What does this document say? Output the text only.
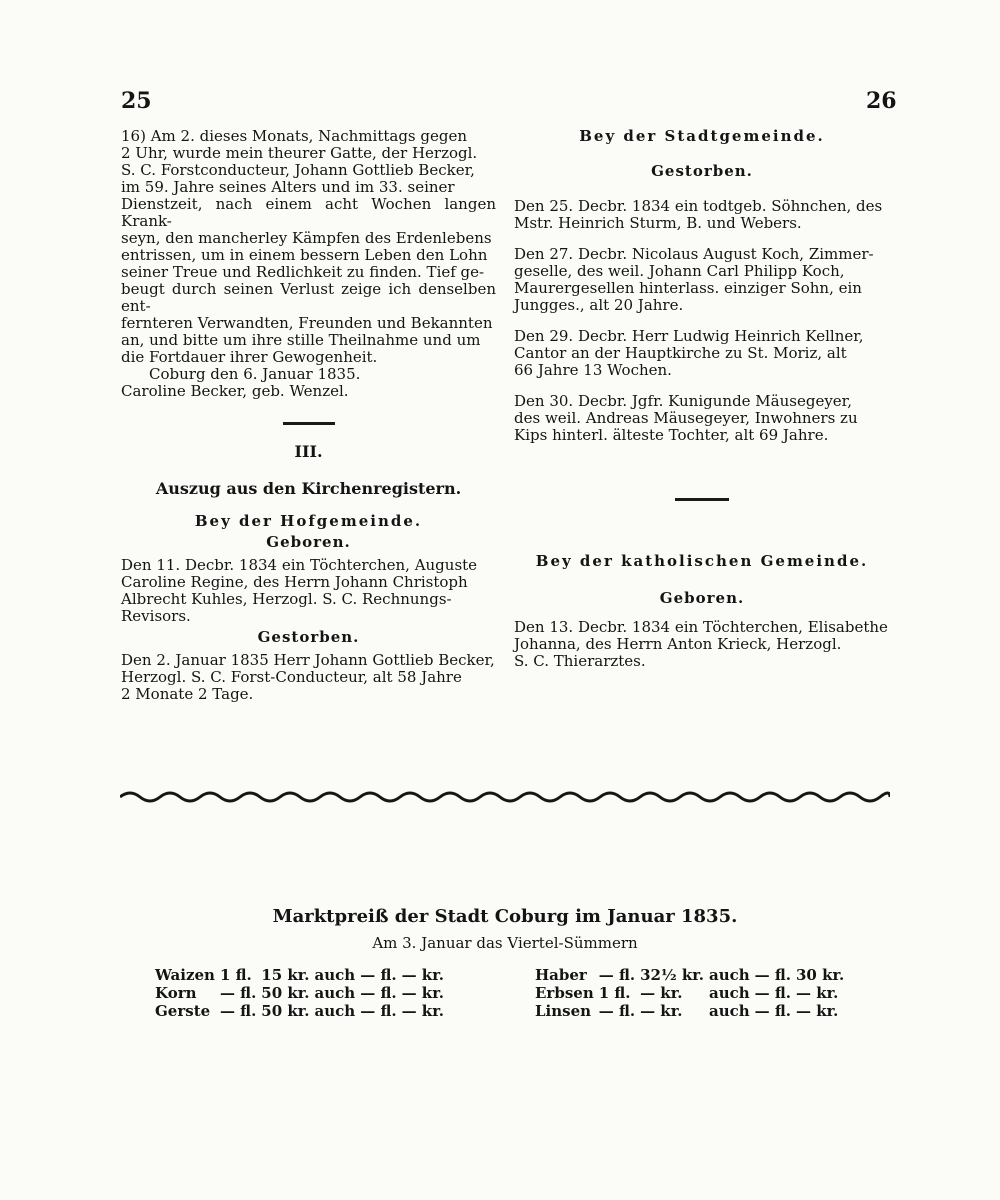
25	26

16) Am 2. dieses Monats, Nachmittags gegen

2 Uhr, wurde mein theurer Gatte, der Herzogl.

S. C. Forstconducteur, Johann Gottlieb Becker,

im 59. Jahre seines Alters und im 33. seiner

Dienstzeit, nach einem acht Wochen langen Krank-

seyn, den mancherley Kämpfen des Erdenlebens

entrissen, um in einem bessern Leben den Lohn

seiner Treue und Redlichkeit zu finden. Tief ge-

beugt durch seinen Verlust zeige ich denselben ent-

fernteren Verwandten, Freunden und Bekannten

an, und bitte um ihre stille Theilnahme und um

die Fortdauer ihrer Gewogenheit.

Coburg den 6. Januar 1835.

Caroline Becker, geb. Wenzel.

III.
Auszug aus den Kirchenregistern.
Bey der Hofgemeinde.
Geboren.

Den 11. Decbr. 1834 ein Töchterchen, Auguste

Caroline Regine, des Herrn Johann Christoph

Albrecht Kuhles, Herzogl. S. C. Rechnungs-

Revisors.

Gestorben.

Den 2. Januar 1835 Herr Johann Gottlieb Becker,

Herzogl. S. C. Forst-Conducteur, alt 58 Jahre

2 Monate 2 Tage.

Bey der Stadtgemeinde.
Gestorben.

Den 25. Decbr. 1834 ein todtgeb. Söhnchen, des

Mstr. Heinrich Sturm, B. und Webers.

Den 27. Decbr. Nicolaus August Koch, Zimmer-

geselle, des weil. Johann Carl Philipp Koch,

Maurergesellen hinterlass. einziger Sohn, ein

Jungges., alt 20 Jahre.

Den 29. Decbr. Herr Ludwig Heinrich Kellner,

Cantor an der Hauptkirche zu St. Moriz, alt

66 Jahre 13 Wochen.

Den 30. Decbr. Jgfr. Kunigunde Mäusegeyer,

des weil. Andreas Mäusegeyer, Inwohners zu

Kips hinterl. älteste Tochter, alt 69 Jahre.

Bey der katholischen Gemeinde.
Geboren.

Den 13. Decbr. 1834 ein Töchterchen, Elisabethe

Johanna, des Herrn Anton Krieck, Herzogl.

S. C. Thierarztes.

Marktpreiß der Stadt Coburg im Januar 1835.
Am 3. Januar das Viertel-Sümmern
Waizen	1 fl.	15 kr.	auch	— fl.	— kr.
Korn	— fl.	50 kr.	auch	— fl.	— kr.
Gerste	— fl.	50 kr.	auch	— fl.	— kr.
Haber	— fl.	32½ kr.	auch	— fl.	30 kr.
Erbsen	1 fl.	— kr.	auch	— fl.	— kr.
Linsen	— fl.	— kr.	auch	— fl.	— kr.
